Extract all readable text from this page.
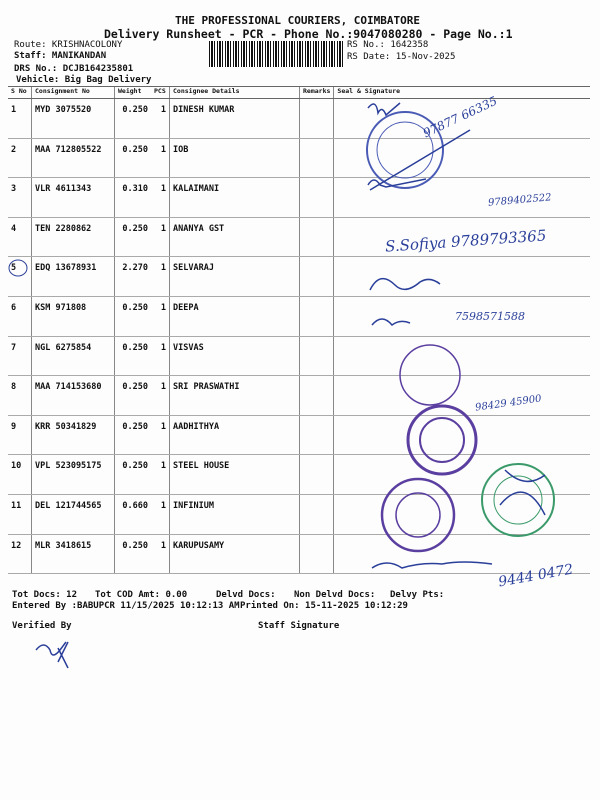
THE PROFESSIONAL COURIERS, COIMBATORE
Delivery Runsheet - PCR - Phone No.:9047080280 - Page No.:1
Route: KRISHNACOLONY
Staff: MANIKANDAN
DRS No.: DCJB164235801
Vehicle: Big Bag Delivery
RS No.: 1642358
RS Date: 15-Nov-2025
S No	Consignment No	Weight	PCS	Consignee Details	Remarks	Seal & Signature
1	MYD 3075520	0.250	1	DINESH KUMAR		
2	MAA 712805522	0.250	1	IOB		
3	VLR 4611343	0.310	1	KALAIMANI		
4	TEN 2280862	0.250	1	ANANYA GST		
5	EDQ 13678931	2.270	1	SELVARAJ		
6	KSM 971808	0.250	1	DEEPA		
7	NGL 6275854	0.250	1	VISVAS		
8	MAA 714153680	0.250	1	SRI PRASWATHI		
9	KRR 50341829	0.250	1	AADHITHYA		
10	VPL 523095175	0.250	1	STEEL HOUSE		
11	DEL 121744565	0.660	1	INFINIUM		
12	MLR 3418615	0.250	1	KARUPUSAMY		
97877 66335
9789402522
S.Sofiya 9789793365
7598571588
98429 45900
9444 0472
Tot Docs: 12 Tot COD Amt: 0.00	Delvd Docs: Non Delvd Docs: Delvy Pts:
Entered By :BABUPCR 11/15/2025 10:12:13 AM Printed On: 15-11-2025 10:12:29
Verified By	Staff Signature
